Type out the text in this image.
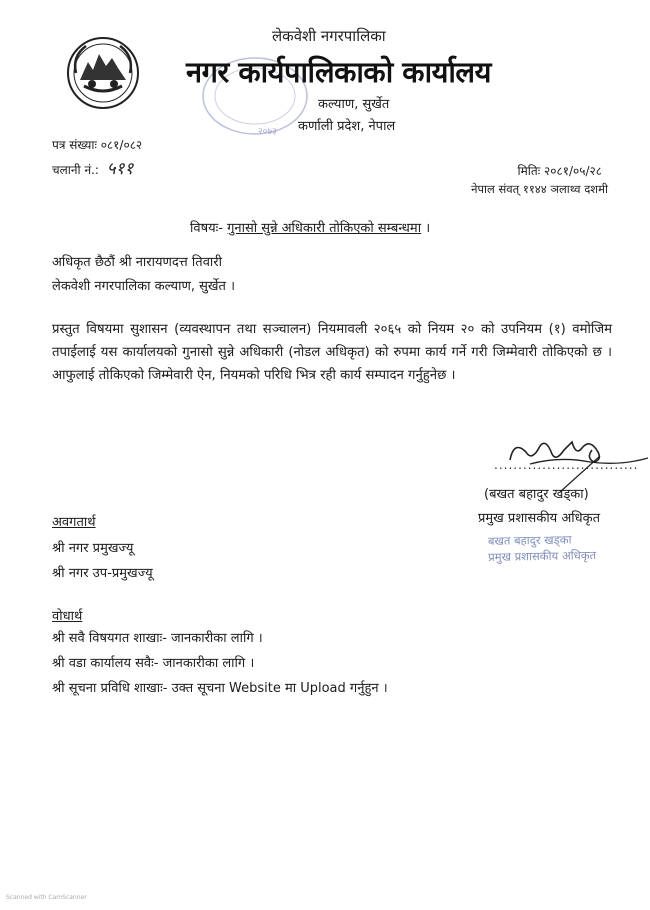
२०७३
लेकवेशी नगरपालिका
नगर कार्यपालिकाको कार्यालय
कल्याण, सुर्खेत
कर्णाली प्रदेश, नेपाल
पत्र संख्याः ०८१/०८२
चलानी नं.: ५११	मितिः २०८१/०५/२८
नेपाल संवत् ११४४ ञलाथ्व दशमी
विषयः- गुनासो सुन्ने अधिकारी तोकिएको सम्बन्धमा ।
अधिकृत छैठौं श्री नारायणदत्त तिवारी
लेकवेशी नगरपालिका कल्याण, सुर्खेत ।
प्रस्तुत विषयमा सुशासन (व्यवस्थापन तथा सञ्चालन) नियमावली २०६५ को नियम २० को उपनियम (१) वमोजिम तपाईलाई यस कार्यालयको गुनासो सुन्ने अधिकारी (नोडल अधिकृत) को रुपमा कार्य गर्ने गरी जिम्मेवारी तोकिएको छ । आफुलाई तोकिएको जिम्मेवारी ऐन, नियमको परिधि भित्र रही कार्य सम्पादन गर्नुहुनेछ ।
..............................
(बखत बहादुर खड्का)
प्रमुख प्रशासकीय अधिकृत
बखत बहादुर खड्का
प्रमुख प्रशासकीय अधिकृत
अवगतार्थ
श्री नगर प्रमुखज्यू
श्री नगर उप-प्रमुखज्यू
वोधार्थ
श्री सवै विषयगत शाखाः- जानकारीका लागि ।
श्री वडा कार्यालय सवैः- जानकारीका लागि ।
श्री सूचना प्रविधि शाखाः- उक्त सूचना Website मा Upload गर्नुहुन ।
Scanned with CamScanner
